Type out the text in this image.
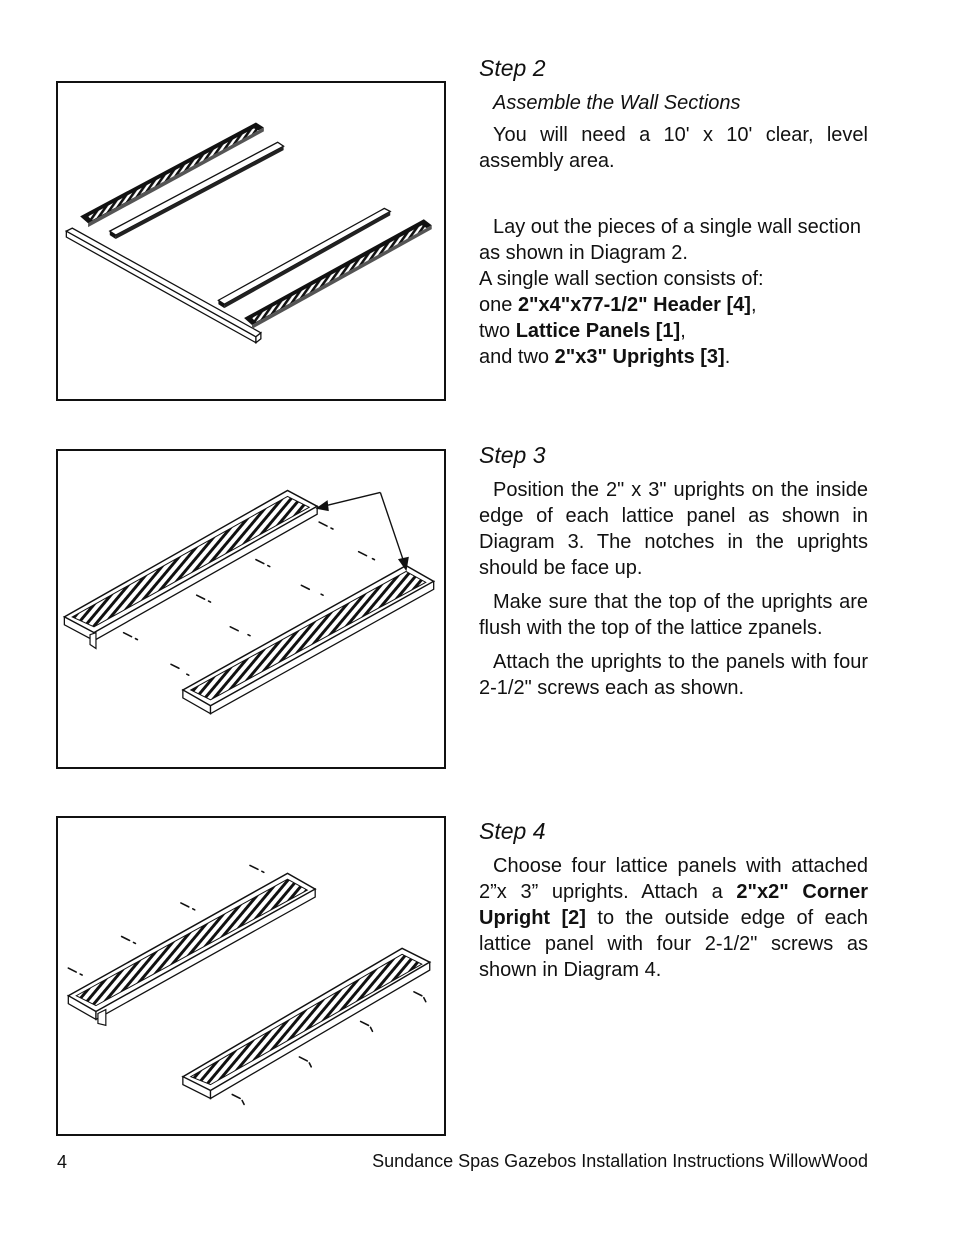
Step 2
Assemble the Wall Sections

You will need a 10' x 10' clear, level assembly area.

Lay out the pieces of a single wall section as shown in Diagram 2.
A single wall section consists of:
one 2"x4"x77-1/2" Header [4],
two Lattice Panels [1],
and two 2"x3" Uprights [3].
Step 3

Position the 2" x 3" uprights on the inside edge of each lattice panel as shown in Diagram 3. The notches in the uprights should be face up.

Make sure that the top of the uprights are flush with the top of the lattice zpanels.

Attach the uprights to the panels with four 2-1/2" screws each as shown.

Step 4

Choose four lattice panels with attached 2”x 3” uprights. Attach a 2"x2" Corner Upright [2] to the outside edge of each lattice panel with four 2-1/2" screws as shown in Diagram 4.

4	Sundance Spas Gazebos Installation Instructions WillowWood
